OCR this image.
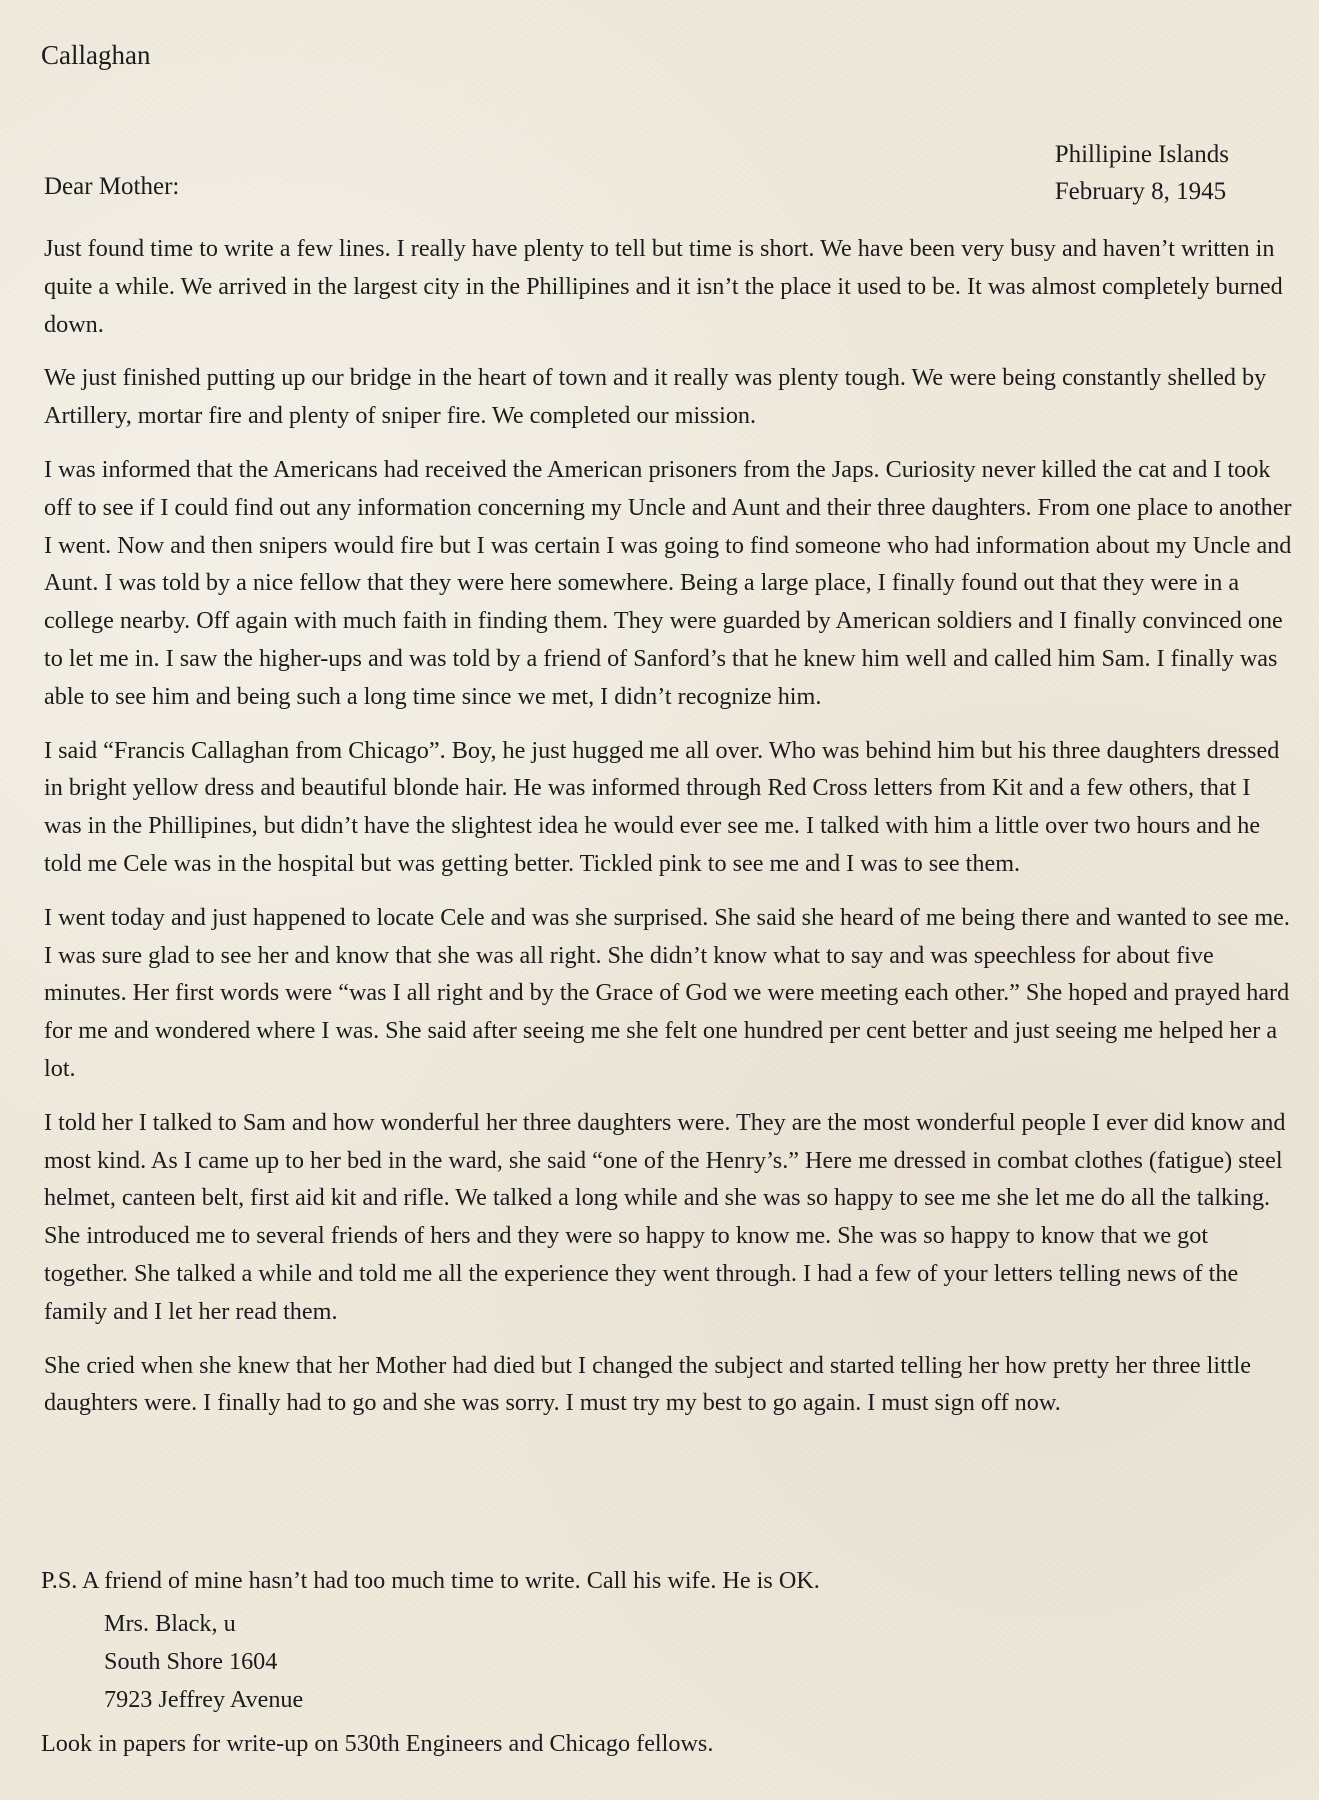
Callaghan
Phillipine Islands
February 8, 1945
Dear Mother:

Just found time to write a few lines. I really have plenty to tell but time is short. We have been very busy and haven’t written in quite a while. We arrived in the largest city in the Phillipines and it isn’t the place it used to be. It was almost completely burned down.

We just finished putting up our bridge in the heart of town and it really was plenty tough. We were being constantly shelled by Artillery, mortar fire and plenty of sniper fire. We completed our mission.

I was informed that the Americans had received the American prisoners from the Japs. Curiosity never killed the cat and I took off to see if I could find out any information concerning my Uncle and Aunt and their three daughters. From one place to another I went. Now and then snipers would fire but I was certain I was going to find someone who had information about my Uncle and Aunt. I was told by a nice fellow that they were here somewhere. Being a large place, I finally found out that they were in a college nearby. Off again with much faith in finding them. They were guarded by American soldiers and I finally convinced one to let me in. I saw the higher-ups and was told by a friend of Sanford’s that he knew him well and called him Sam. I finally was able to see him and being such a long time since we met, I didn’t recognize him.

I said “Francis Callaghan from Chicago”. Boy, he just hugged me all over. Who was behind him but his three daughters dressed in bright yellow dress and beautiful blonde hair. He was informed through Red Cross letters from Kit and a few others, that I was in the Phillipines, but didn’t have the slightest idea he would ever see me. I talked with him a little over two hours and he told me Cele was in the hospital but was getting better. Tickled pink to see me and I was to see them.

I went today and just happened to locate Cele and was she surprised. She said she heard of me being there and wanted to see me. I was sure glad to see her and know that she was all right. She didn’t know what to say and was speechless for about five minutes. Her first words were “was I all right and by the Grace of God we were meeting each other.” She hoped and prayed hard for me and wondered where I was. She said after seeing me she felt one hundred per cent better and just seeing me helped her a lot.

I told her I talked to Sam and how wonderful her three daughters were. They are the most wonderful people I ever did know and most kind. As I came up to her bed in the ward, she said “one of the Henry’s.” Here me dressed in combat clothes (fatigue) steel helmet, canteen belt, first aid kit and rifle. We talked a long while and she was so happy to see me she let me do all the talking. She introduced me to several friends of hers and they were so happy to know me. She was so happy to know that we got together. She talked a while and told me all the experience they went through. I had a few of your letters telling news of the family and I let her read them.

She cried when she knew that her Mother had died but I changed the subject and started telling her how pretty her three little daughters were. I finally had to go and she was sorry. I must try my best to go again. I must sign off now.

P.S. A friend of mine hasn’t had too much time to write. Call his wife. He is OK.
Mrs. Black, u
South Shore 1604
7923 Jeffrey Avenue
Look in papers for write-up on 530th Engineers and Chicago fellows.
